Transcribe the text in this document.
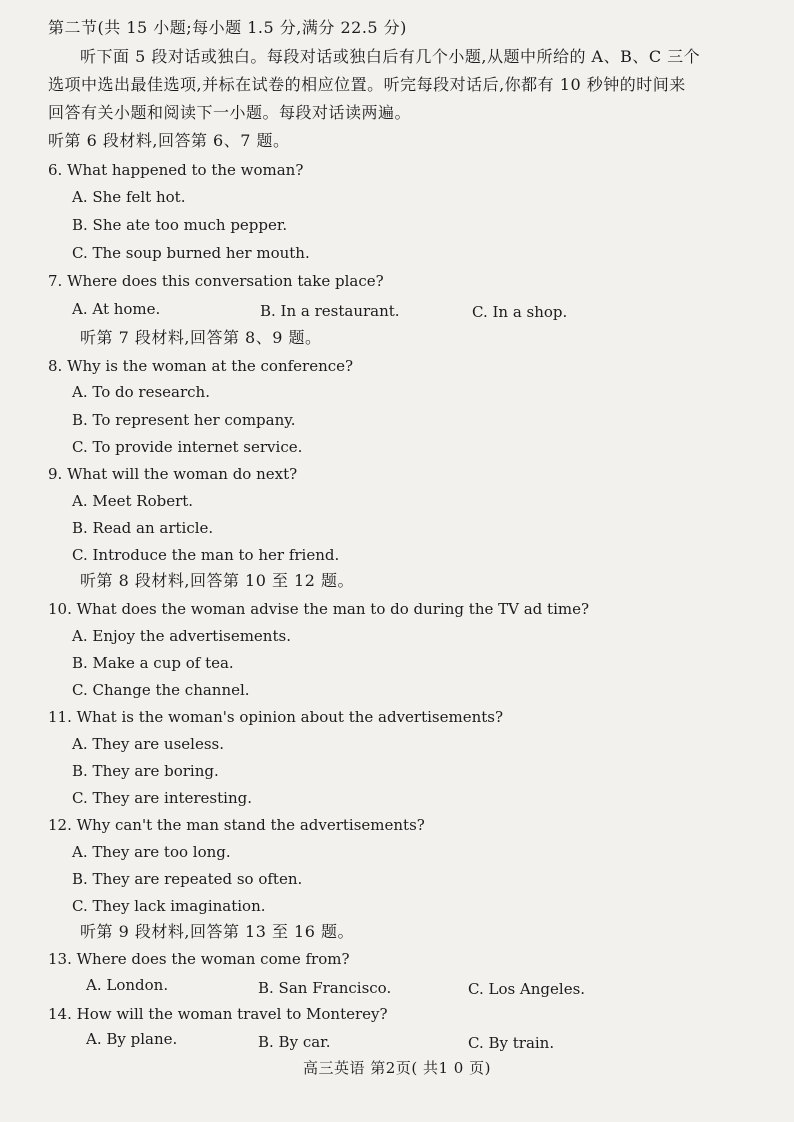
第二节(共 15 小题;每小题 1.5 分,满分 22.5 分)
听下面 5 段对话或独白。每段对话或独白后有几个小题,从题中所给的 A、B、C 三个
选项中选出最佳选项,并标在试卷的相应位置。听完每段对话后,你都有 10 秒钟的时间来
回答有关小题和阅读下一小题。每段对话读两遍。
听第 6 段材料,回答第 6、7 题。
6. What happened to the woman?
A. She felt hot.
B. She ate too much pepper.
C. The soup burned her mouth.
7. Where does this conversation take place?
A. At home.	B. In a restaurant.	C. In a shop.
听第 7 段材料,回答第 8、9 题。
8. Why is the woman at the conference?
A. To do research.
B. To represent her company.
C. To provide internet service.
9. What will the woman do next?
A. Meet Robert.
B. Read an article.
C. Introduce the man to her friend.
听第 8 段材料,回答第 10 至 12 题。
10. What does the woman advise the man to do during the TV ad time?
A. Enjoy the advertisements.
B. Make a cup of tea.
C. Change the channel.
11. What is the woman's opinion about the advertisements?
A. They are useless.
B. They are boring.
C. They are interesting.
12. Why can't the man stand the advertisements?
A. They are too long.
B. They are repeated so often.
C. They lack imagination.
听第 9 段材料,回答第 13 至 16 题。
13. Where does the woman come from?
A. London.	B. San Francisco.	C. Los Angeles.
14. How will the woman travel to Monterey?
A. By plane.	B. By car.	C. By train.
高三英语 第2页( 共1 0 页)
